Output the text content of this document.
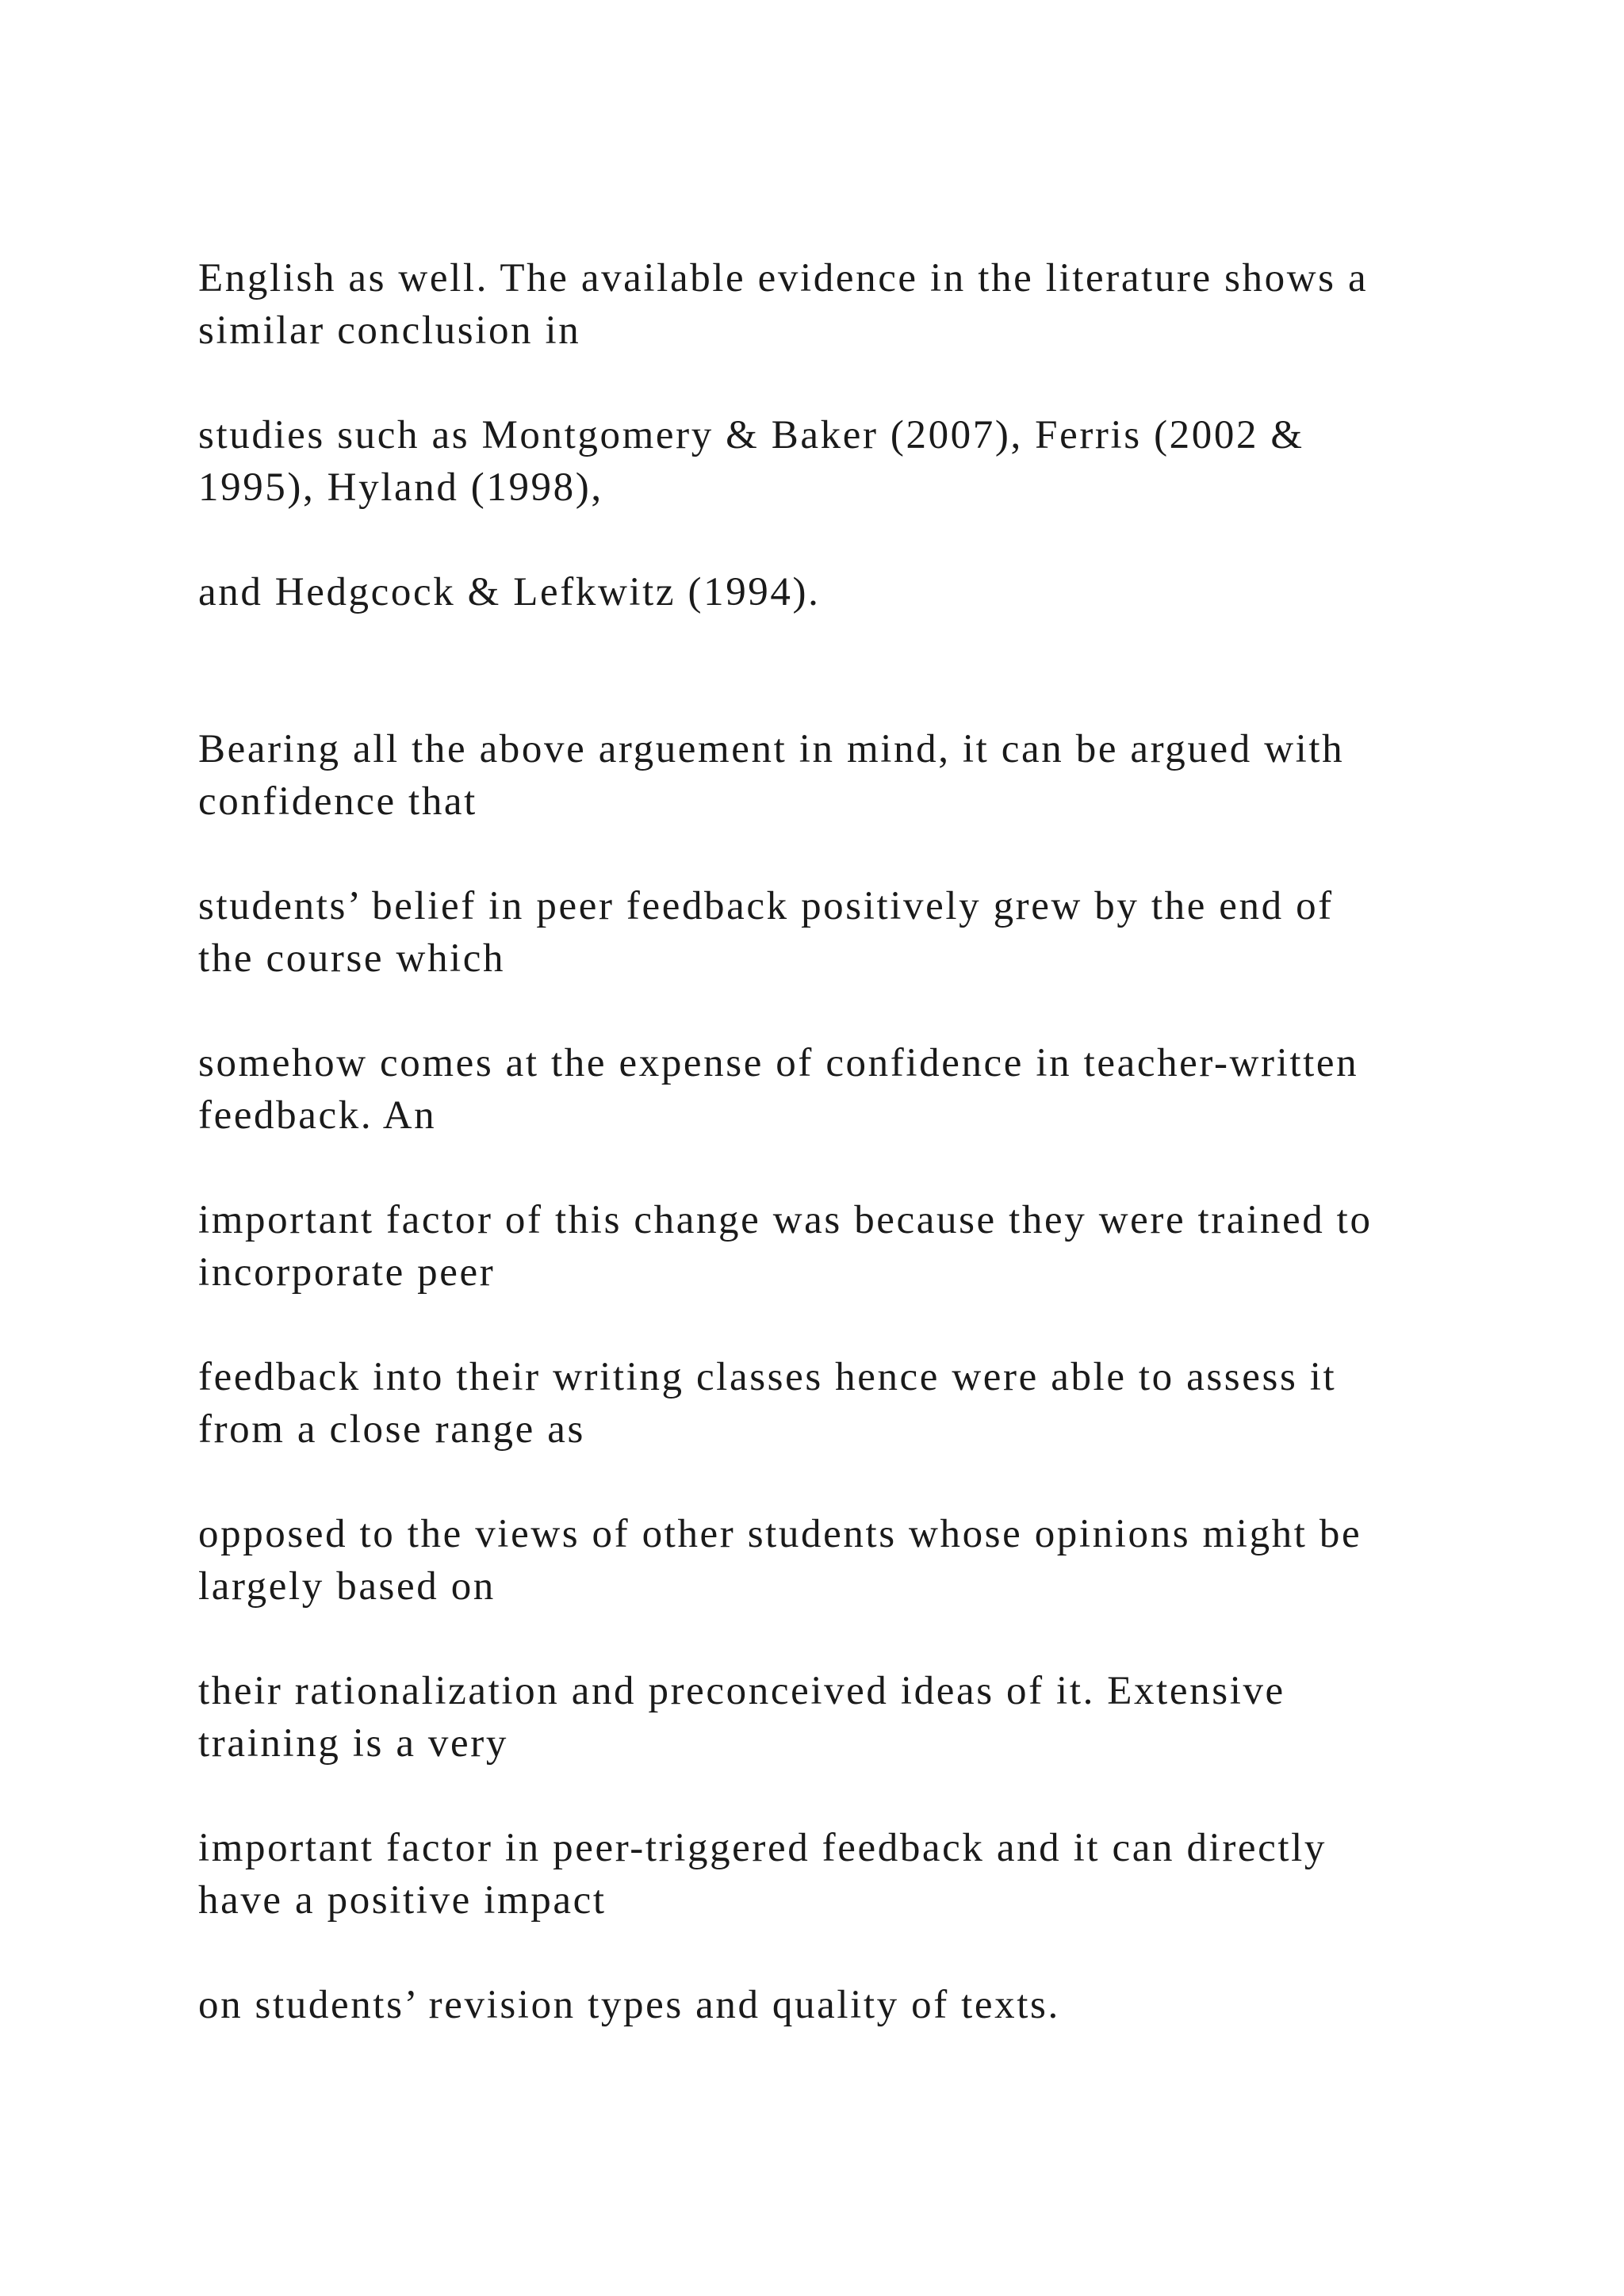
English as well. The available evidence in the literature shows a
similar conclusion in

studies such as Montgomery & Baker (2007), Ferris (2002 &
1995), Hyland (1998),

and Hedgcock & Lefkwitz (1994).

Bearing all the above arguement in mind, it can be argued with
confidence that

students’ belief in peer feedback positively grew by the end of
the course which

somehow comes at the expense of confidence in teacher-written
feedback. An

important factor of this change was because they were trained to
incorporate peer

feedback into their writing classes hence were able to assess it
from a close range as

opposed to the views of other students whose opinions might be
largely based on

their rationalization and preconceived ideas of it. Extensive
training is a very

important factor in peer-triggered feedback and it can directly
have a positive impact

on students’ revision types and quality of texts.
